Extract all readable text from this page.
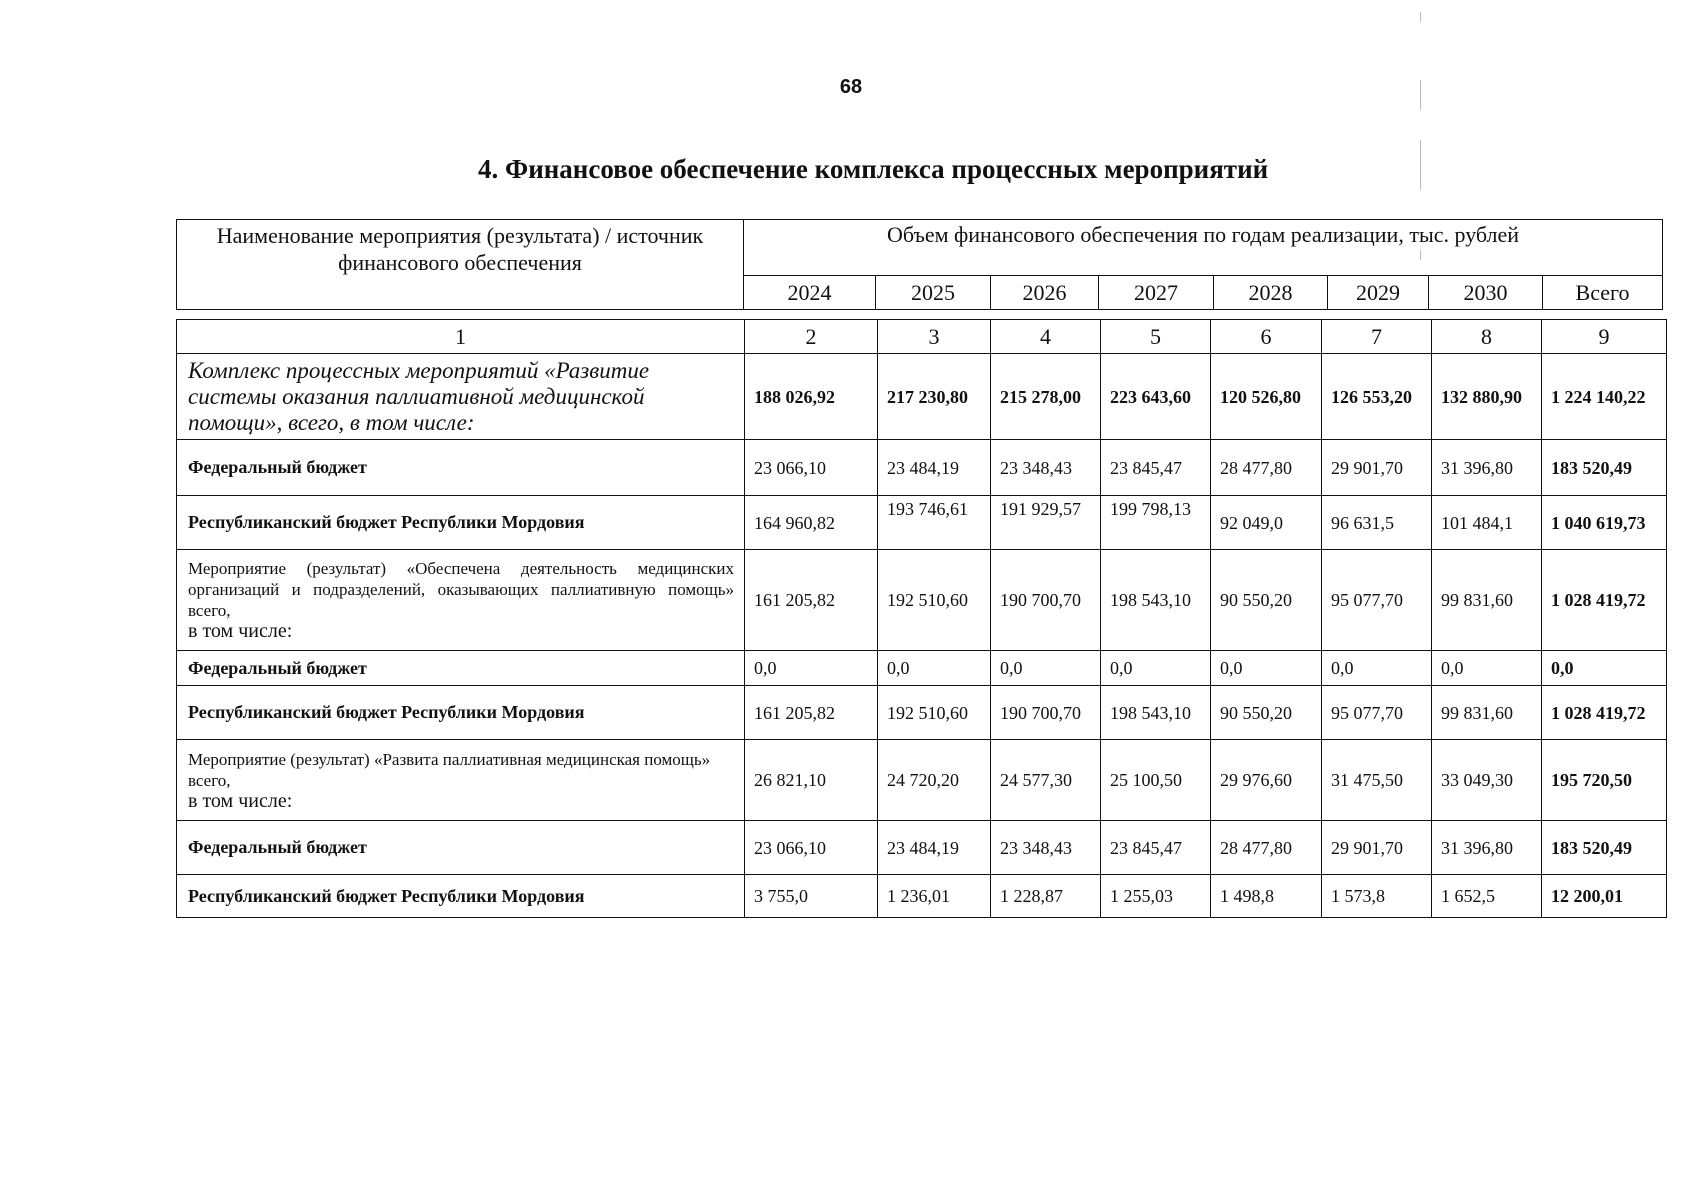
68
4. Финансовое обеспечение комплекса процессных мероприятий
Наименование мероприятия (результата) / источник финансового обеспечения	Объем финансового обеспечения по годам реализации, тыс. рублей							
	2024	2025	2026	2027	2028	2029	2030	Всего
1	2	3	4	5	6	7	8	9
Комплекс процессных мероприятий «Развитие системы оказания паллиативной медицинской помощи», всего, в том числе:	188 026,92	217 230,80	215 278,00	223 643,60	120 526,80	126 553,20	132 880,90	1 224 140,22
Федеральный бюджет	23 066,10	23 484,19	23 348,43	23 845,47	28 477,80	29 901,70	31 396,80	183 520,49
Республиканский бюджет Республики Мордовия	164 960,82	193 746,61	191 929,57	199 798,13	92 049,0	96 631,5	101 484,1	1 040 619,73

Мероприятие (результат) «Обеспечена деятельность медицинских организаций и подразделений, оказывающих паллиативную помощь» всего,
в том числе:	161 205,82	192 510,60	190 700,70	198 543,10	90 550,20	95 077,70	99 831,60	1 028 419,72
Федеральный бюджет	0,0	0,0	0,0	0,0	0,0	0,0	0,0	0,0
Республиканский бюджет Республики Мордовия	161 205,82	192 510,60	190 700,70	198 543,10	90 550,20	95 077,70	99 831,60	1 028 419,72

Мероприятие (результат) «Развита паллиативная медицинская помощь» всего,
в том числе:	26 821,10	24 720,20	24 577,30	25 100,50	29 976,60	31 475,50	33 049,30	195 720,50
Федеральный бюджет	23 066,10	23 484,19	23 348,43	23 845,47	28 477,80	29 901,70	31 396,80	183 520,49
Республиканский бюджет Республики Мордовия	3 755,0	1 236,01	1 228,87	1 255,03	1 498,8	1 573,8	1 652,5	12 200,01
